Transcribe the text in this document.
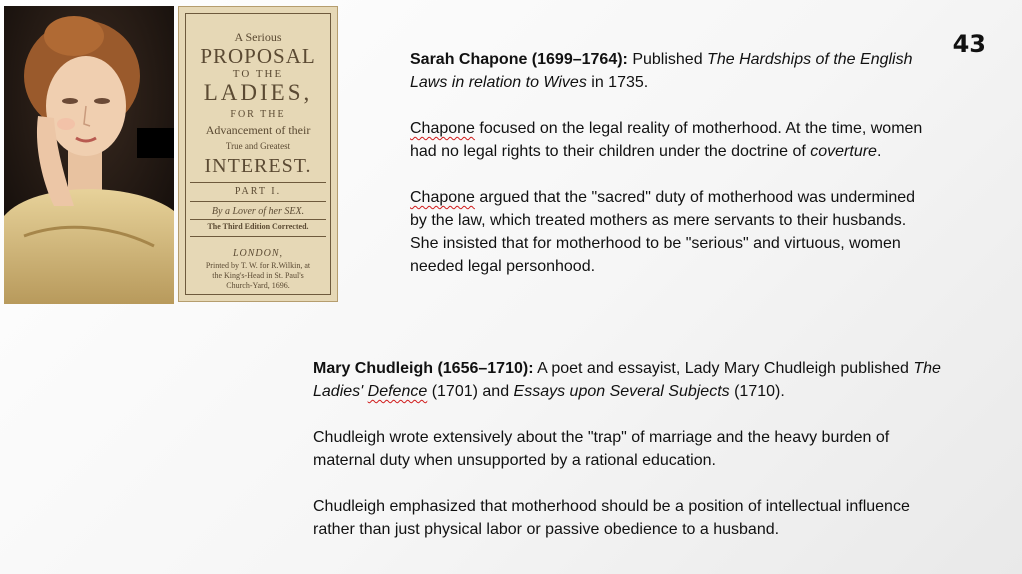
43
A Serious
PROPOSAL
TO THE
LADIES,
FOR THE
Advancement of their
True and Greatest
INTEREST.
PART I.
By a Lover of her SEX.
The Third Edition Corrected.
LONDON,
Printed by T. W. for R.Wilkin, at
the King's-Head in St. Paul's
Church-Yard, 1696.

Sarah Chapone (1699–1764): Published The Hardships of the English Laws in relation to Wives in 1735.

Chapone focused on the legal reality of motherhood. At the time, women had no legal rights to their children under the doctrine of coverture.

Chapone argued that the "sacred" duty of motherhood was undermined by the law, which treated mothers as mere servants to their husbands. She insisted that for motherhood to be "serious" and virtuous, women needed legal personhood.

Mary Chudleigh (1656–1710): A poet and essayist, Lady Mary Chudleigh published The Ladies' Defence (1701) and Essays upon Several Subjects (1710).

Chudleigh wrote extensively about the "trap" of marriage and the heavy burden of maternal duty when unsupported by a rational education.

Chudleigh emphasized that motherhood should be a position of intellectual influence rather than just physical labor or passive obedience to a husband.
